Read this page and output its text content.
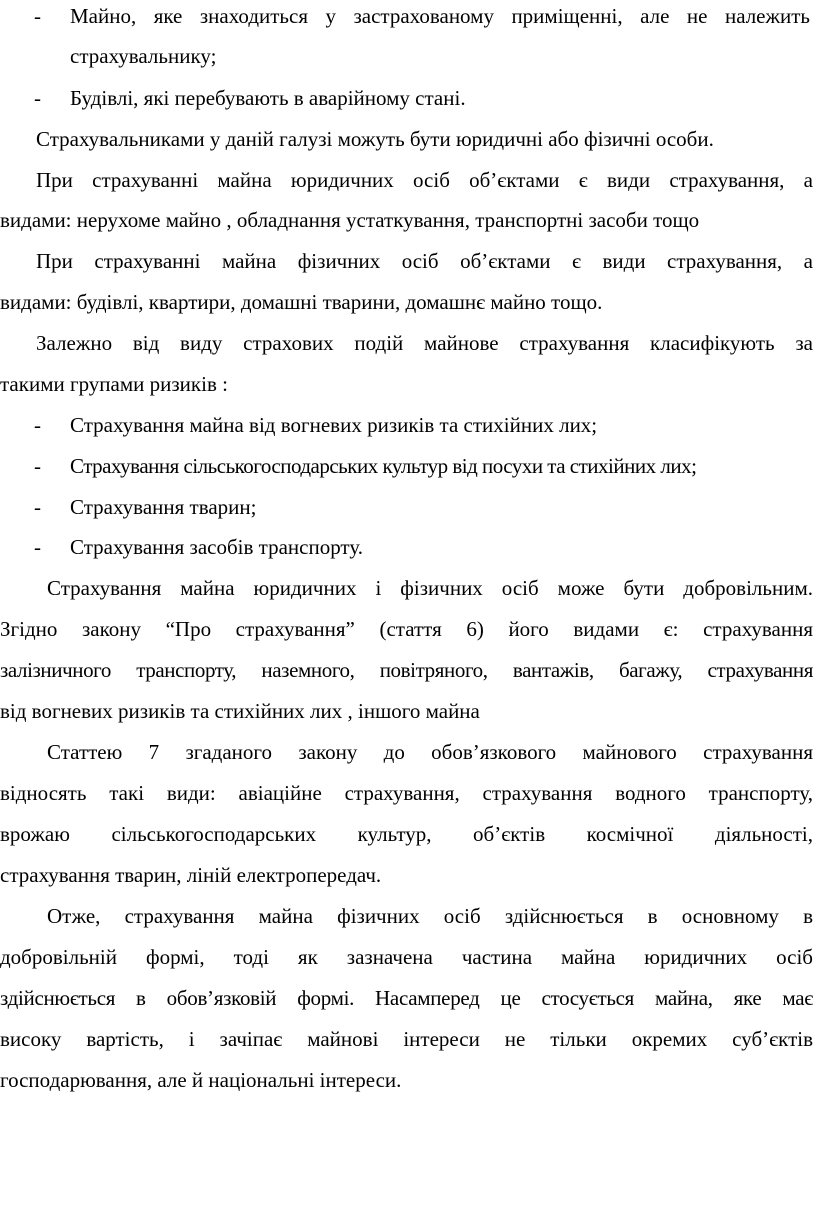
- Майно, яке знаходиться у застрахованому приміщенні, але не належить
страхувальнику;
- Будівлі, які перебувають в аварійному стані.
Страхувальниками у даній галузі можуть бути юридичні або фізичні особи.
При страхуванні майна юридичних осіб об’єктами є види страхування, а
видами: нерухоме майно , обладнання устаткування, транспортні засоби тощо
При страхуванні майна фізичних осіб об’єктами є види страхування, а
видами: будівлі, квартири, домашні тварини, домашнє майно тощо.
Залежно від виду страхових подій майнове страхування класифікують за
такими групами ризиків :
- Страхування майна від вогневих ризиків та стихійних лих;
- Страхування сільськогосподарських культур від посухи та стихійних лих;
- Страхування тварин;
- Страхування засобів транспорту.
Страхування майна юридичних і фізичних осіб може бути добровільним.
Згідно закону “Про страхування” (стаття 6) його видами є: страхування
залізничного транспорту, наземного, повітряного, вантажів, багажу, страхування
від вогневих ризиків та стихійних лих , іншого майна
Статтею 7 згаданого закону до обов’язкового майнового страхування
відносять такі види: авіаційне страхування, страхування водного транспорту,
врожаю сільськогосподарських культур, об’єктів космічної діяльності,
страхування тварин, ліній електропередач.
Отже, страхування майна фізичних осіб здійснюється в основному в
добровільній формі, тоді як зазначена частина майна юридичних осіб
здійснюється в обов’язковій формі. Насамперед це стосується майна, яке має
високу вартість, і зачіпає майнові інтереси не тільки окремих суб’єктів
господарювання, але й національні інтереси.
